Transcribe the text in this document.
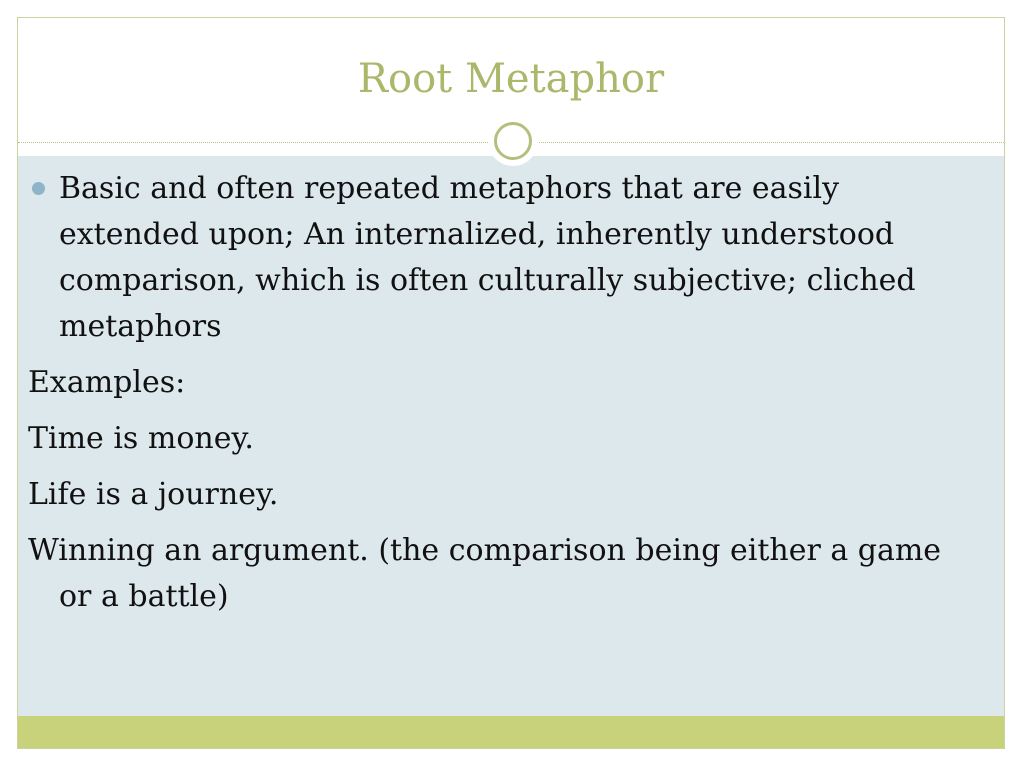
Root Metaphor
Basic and often repeated metaphors that are easily extended upon; An internalized, inherently understood comparison, which is often culturally subjective; cliched metaphors
Examples:
Time is money.
Life is a journey.
Winning an argument. (the comparison being either a game or a battle)
